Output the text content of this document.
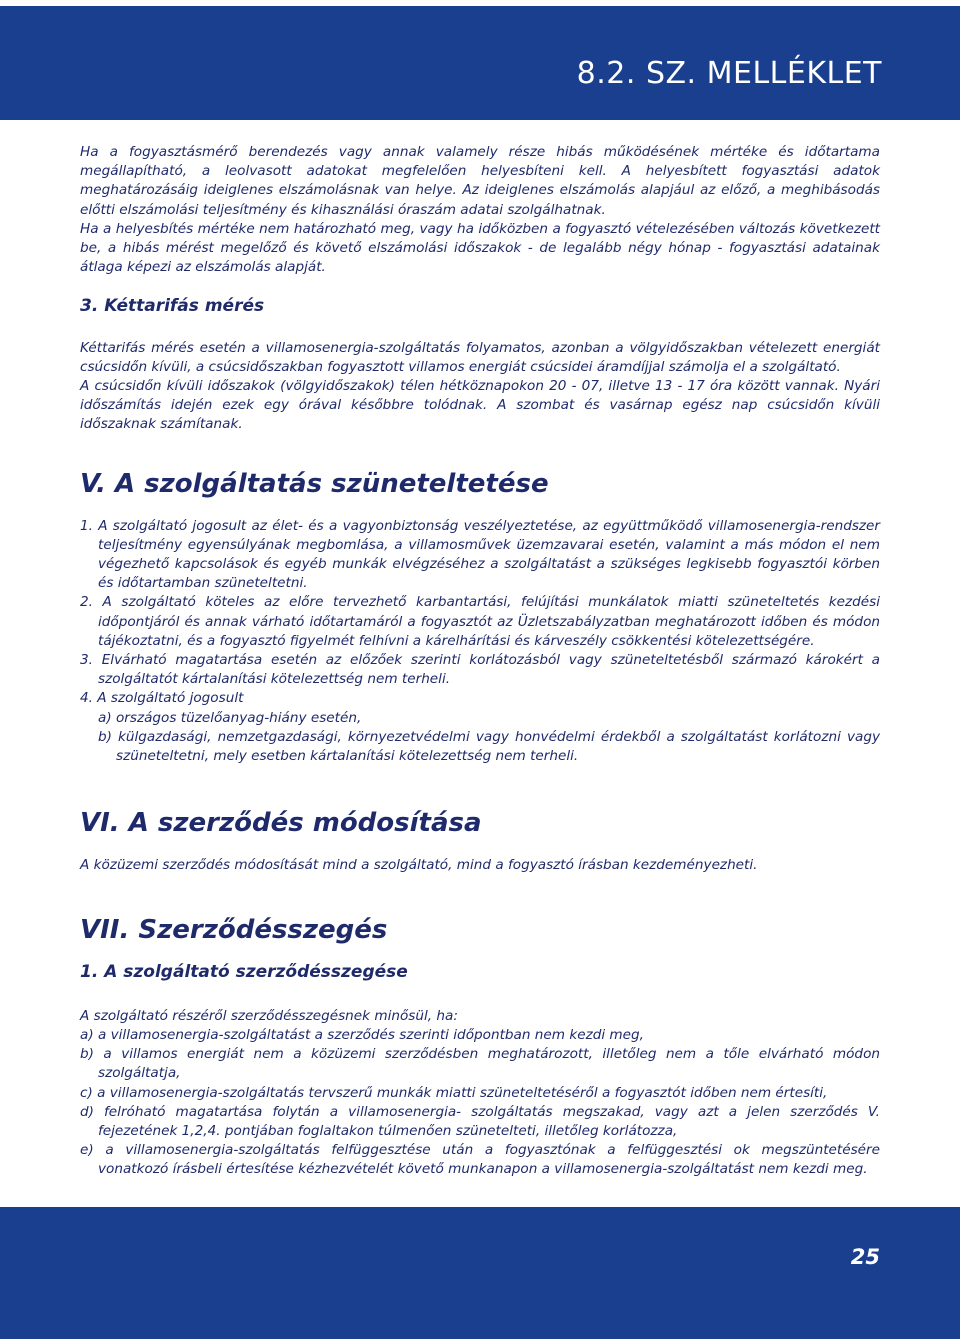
8.2. SZ. MELLÉKLET

Ha a fogyasztásmérő berendezés vagy annak valamely része hibás működésének mértéke és időtartama megállapítható, a leolvasott adatokat megfelelően helyesbíteni kell. A helyesbített fogyasztási adatok meghatározásáig ideiglenes elszámolásnak van helye. Az ideiglenes elszámolás alapjául az előző, a meghibásodás előtti elszámolási teljesítmény és kihasználási óraszám adatai szolgálhatnak.

Ha a helyesbítés mértéke nem határozható meg, vagy ha időközben a fogyasztó vételezésében változás következett be, a hibás mérést megelőző és követő elszámolási időszakok - de legalább négy hónap - fogyasztási adatainak átlaga képezi az elszámolás alapját.

3. Kéttarifás mérés

Kéttarifás mérés esetén a villamosenergia-szolgáltatás folyamatos, azonban a völgyidőszakban vételezett energiát csúcsidőn kívüli, a csúcsidőszakban fogyasztott villamos energiát csúcsidei áramdíjjal számolja el a szolgáltató.

A csúcsidőn kívüli időszakok (völgyidőszakok) télen hétköznapokon 20 - 07, illetve 13 - 17 óra között vannak. Nyári időszámítás idején ezek egy órával későbbre tolódnak. A szombat és vasárnap egész nap csúcsidőn kívüli időszaknak számítanak.

V. A szolgáltatás szüneteltetése

1. A szolgáltató jogosult az élet- és a vagyonbiztonság veszélyeztetése, az együttműködő villamosenergia-rendszer teljesítmény egyensúlyának megbomlása, a villamosművek üzemzavarai esetén, valamint a más módon el nem végezhető kapcsolások és egyéb munkák elvégzéséhez a szolgáltatást a szükséges legkisebb fogyasztói körben és időtartamban szüneteltetni.
2. A szolgáltató köteles az előre tervezhető karbantartási, felújítási munkálatok miatti szüneteltetés kezdési időpontjáról és annak várható időtartamáról a fogyasztót az Üzletszabályzatban meghatározott időben és módon tájékoztatni, és a fogyasztó figyelmét felhívni a kárelhárítási és kárveszély csökkentési kötelezettségére.
3. Elvárható magatartása esetén az előzőek szerinti korlátozásból vagy szüneteltetésből származó károkért a szolgáltatót kártalanítási kötelezettség nem terheli.
4. A szolgáltató jogosult
a) országos tüzelőanyag-hiány esetén,
b) külgazdasági, nemzetgazdasági, környezetvédelmi vagy honvédelmi érdekből a szolgáltatást korlátozni vagy szüneteltetni, mely esetben kártalanítási kötelezettség nem terheli.

VI. A szerződés módosítása

A közüzemi szerződés módosítását mind a szolgáltató, mind a fogyasztó írásban kezdeményezheti.

VII. Szerződésszegés

1. A szolgáltató szerződésszegése

A szolgáltató részéről szerződésszegésnek minősül, ha:

a) a villamosenergia-szolgáltatást a szerződés szerinti időpontban nem kezdi meg,
b) a villamos energiát nem a közüzemi szerződésben meghatározott, illetőleg nem a tőle elvárható módon szolgáltatja,
c) a villamosenergia-szolgáltatás tervszerű munkák miatti szüneteltetéséről a fogyasztót időben nem értesíti,
d) felróható magatartása folytán a villamosenergia- szolgáltatás megszakad, vagy azt a jelen szerződés V. fejezetének 1,2,4. pontjában foglaltakon túlmenően szünetelteti, illetőleg korlátozza,
e) a villamosenergia-szolgáltatás felfüggesztése után a fogyasztónak a felfüggesztési ok megszüntetésére vonatkozó írásbeli értesítése kézhezvételét követő munkanapon a villamosenergia-szolgáltatást nem kezdi meg.
25
